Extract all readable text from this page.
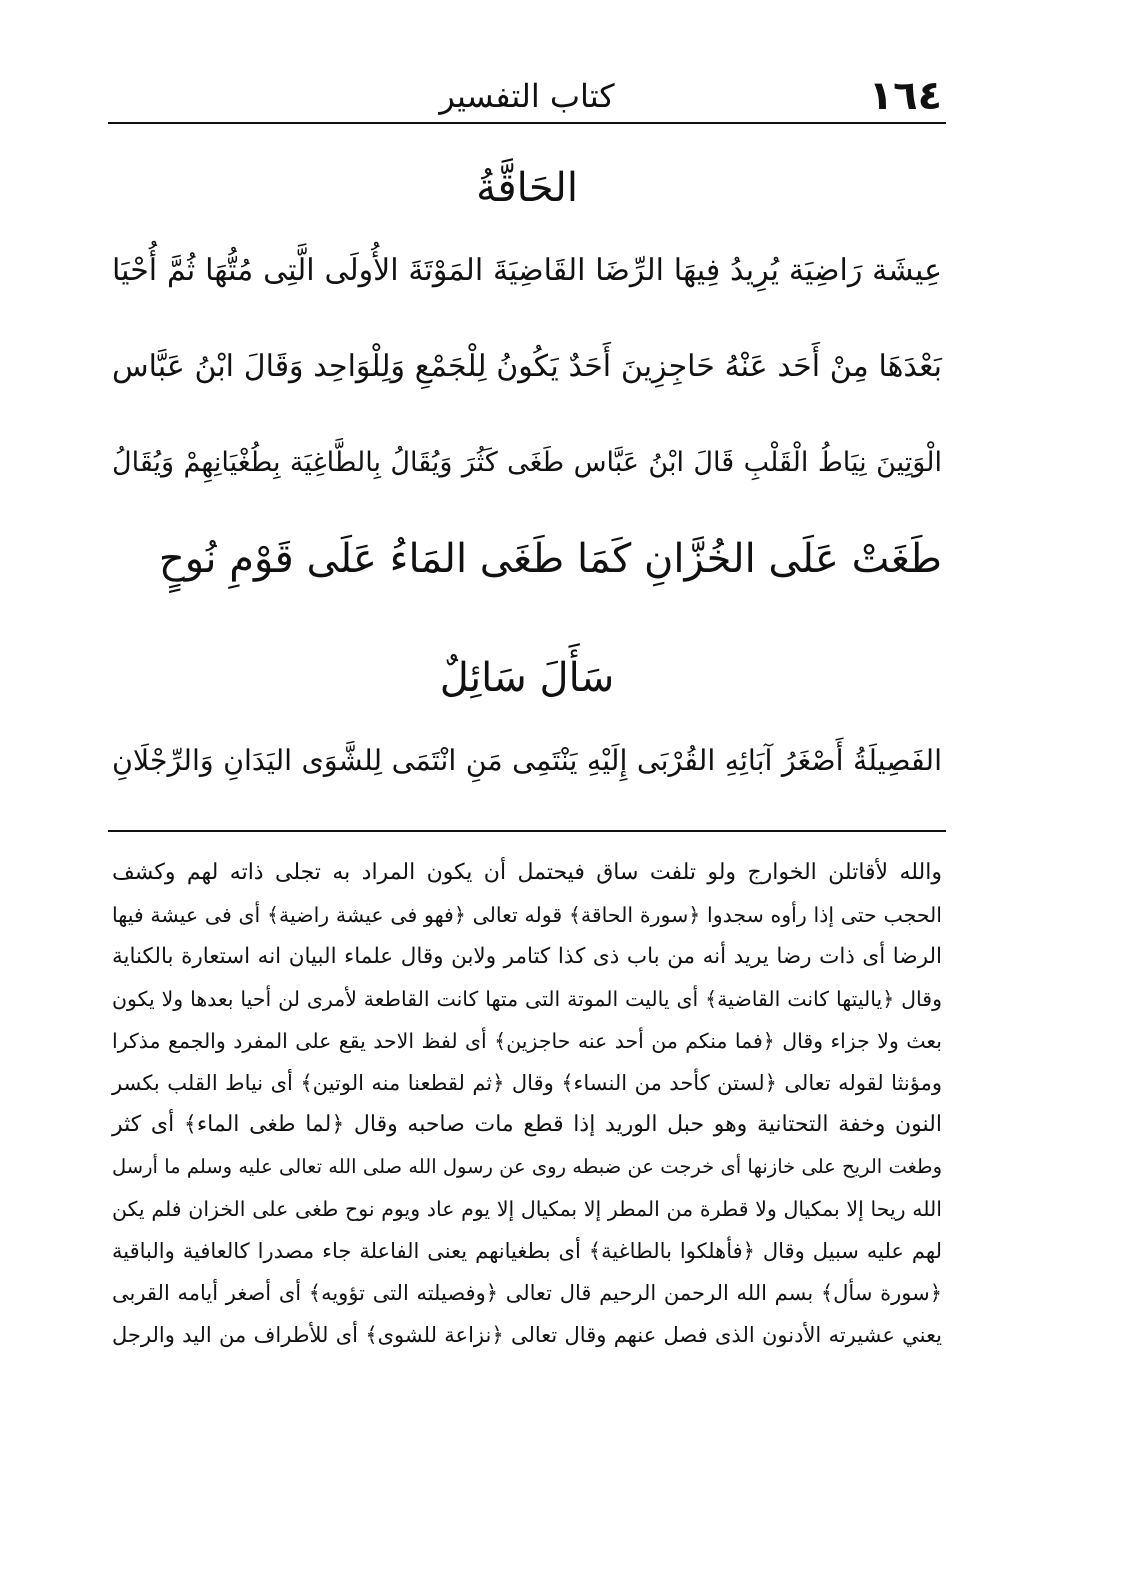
١٦٤
كتاب التفسير
الحَاقَّةُ
عِيشَة رَاضِيَة يُرِيدُ فِيهَا الرِّضَا القَاضِيَةَ المَوْتَةَ الأُولَى الَّتِى مُتُّهَا ثُمَّ أُحْيَا
بَعْدَهَا مِنْ أَحَد عَنْهُ حَاجِزِينَ أَحَدٌ يَكُونُ لِلْجَمْعِ وَلِلْوَاحِد وَقَالَ ابْنُ عَبَّاس
الْوَتِينَ نِيَاطُ الْقَلْبِ قَالَ ابْنُ عَبَّاس طَغَى كَثُرَ وَيُقَالُ بِالطَّاغِيَة بِطُغْيَانِهِمْ وَيُقَالُ
طَغَتْ عَلَى الخُزَّانِ كَمَا طَغَى المَاءُ عَلَى قَوْمِ نُوحٍ
سَأَلَ سَائِلٌ
الفَصِيلَةُ أَصْغَرُ آبَائِهِ القُرْبَى إِلَيْهِ يَنْتَمِى مَنِ انْتَمَى لِلشَّوَى اليَدَانِ وَالرِّجْلَانِ
والله لأقاتلن الخوارج ولو تلفت ساق فيحتمل أن يكون المراد به تجلى ذاته لهم وكشف
الحجب حتى إذا رأوه سجدوا ﴿سورة الحاقة﴾ قوله تعالى ﴿فهو فى عيشة راضية﴾ أى فى عيشة فيها
الرضا أى ذات رضا يريد أنه من باب ذى كذا كتامر ولابن وقال علماء البيان انه استعارة بالكناية
وقال ﴿ياليتها كانت القاضية﴾ أى ياليت الموتة التى متها كانت القاطعة لأمرى لن أحيا بعدها ولا يكون
بعث ولا جزاء وقال ﴿فما منكم من أحد عنه حاجزين﴾ أى لفظ الاحد يقع على المفرد والجمع مذكرا
ومؤنثا لقوله تعالى ﴿لستن كأحد من النساء﴾ وقال ﴿ثم لقطعنا منه الوتين﴾ أى نياط القلب بكسر
النون وخفة التحتانية وهو حبل الوريد إذا قطع مات صاحبه وقال ﴿لما طغى الماء﴾ أى كثر
وطغت الريح على خازنها أى خرجت عن ضبطه روى عن رسول الله صلى الله تعالى عليه وسلم ما أرسل
الله ريحا إلا بمكيال ولا قطرة من المطر إلا بمكيال إلا يوم عاد ويوم نوح طغى على الخزان فلم يكن
لهم عليه سبيل وقال ﴿فأهلكوا بالطاغية﴾ أى بطغيانهم يعنى الفاعلة جاء مصدرا كالعافية والباقية
﴿سورة سأل﴾ بسم الله الرحمن الرحيم قال تعالى ﴿وفصيلته التى تؤويه﴾ أى أصغر أيامه القربى
يعني عشيرته الأدنون الذى فصل عنهم وقال تعالى ﴿نزاعة للشوى﴾ أى للأطراف من اليد والرجل
